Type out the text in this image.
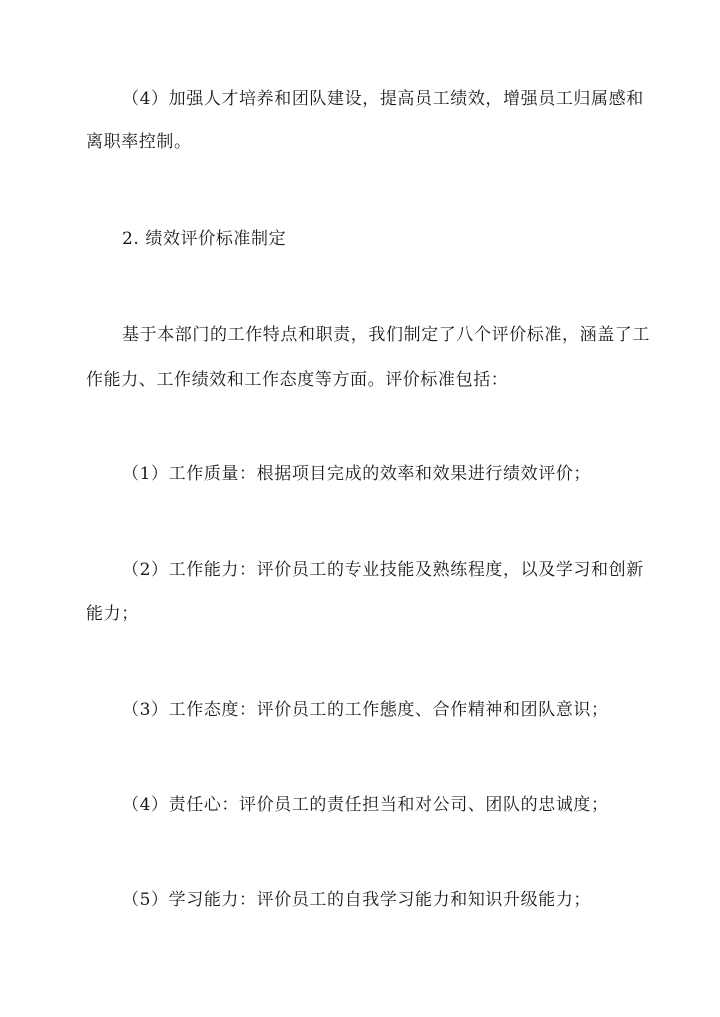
（4）加强人才培养和团队建设，提高员工绩效，增强员工归属感和
离职率控制。
2. 绩效评价标准制定
基于本部门的工作特点和职责，我们制定了八个评价标准，涵盖了工
作能力、工作绩效和工作态度等方面。评价标准包括：
（1）工作质量：根据项目完成的效率和效果进行绩效评价；
（2）工作能力：评价员工的专业技能及熟练程度，以及学习和创新
能力；
（3）工作态度：评价员工的工作態度、合作精神和团队意识；
（4）责任心：评价员工的责任担当和对公司、团队的忠诚度；
（5）学习能力：评价员工的自我学习能力和知识升级能力；
